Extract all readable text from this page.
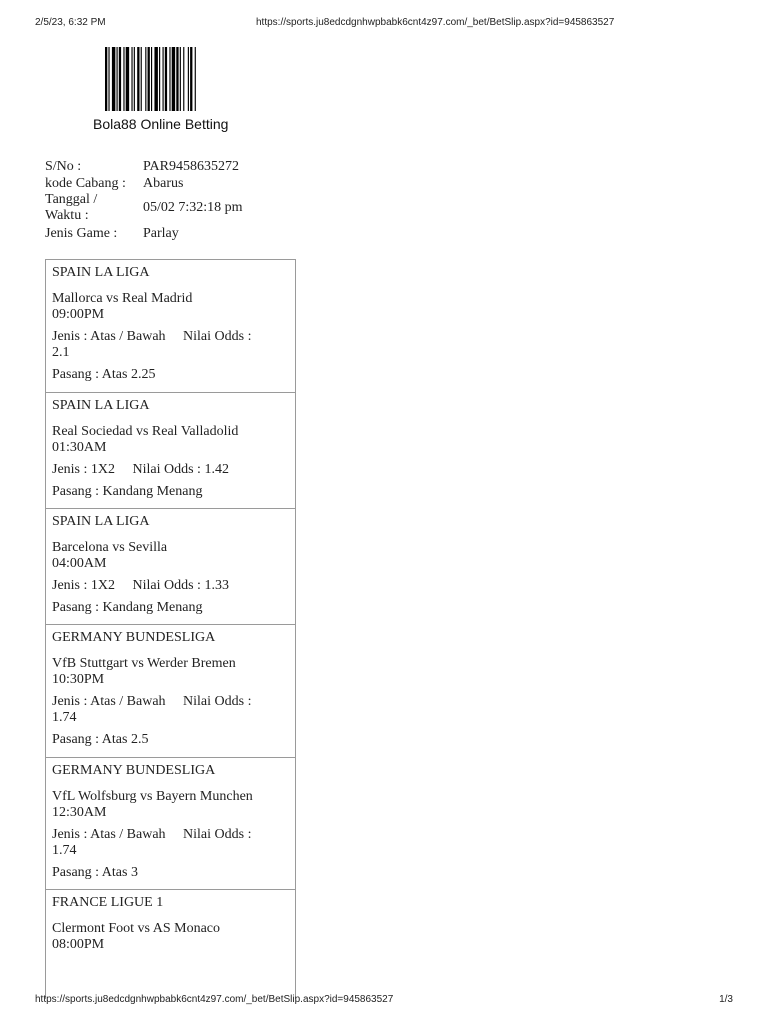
2/5/23, 6:32 PM	https://sports.ju8edcdgnhwpbabk6cnt4z97.com/_bet/BetSlip.aspx?id=945863527
Bola88 Online Betting
S/No :	PAR9458635272
kode Cabang :	Abarus
Tanggal /
Waktu :
05/02 7:32:18 pm
Jenis Game :	Parlay
SPAIN LA LIGA
Mallorca vs Real Madrid
09:00PM
Jenis : Atas / Bawah Nilai Odds :
2.1
Pasang : Atas 2.25
SPAIN LA LIGA
Real Sociedad vs Real Valladolid
01:30AM
Jenis : 1X2 Nilai Odds : 1.42
Pasang : Kandang Menang
SPAIN LA LIGA
Barcelona vs Sevilla
04:00AM
Jenis : 1X2 Nilai Odds : 1.33
Pasang : Kandang Menang
GERMANY BUNDESLIGA
VfB Stuttgart vs Werder Bremen
10:30PM
Jenis : Atas / Bawah Nilai Odds :
1.74
Pasang : Atas 2.5
GERMANY BUNDESLIGA
VfL Wolfsburg vs Bayern Munchen
12:30AM
Jenis : Atas / Bawah Nilai Odds :
1.74
Pasang : Atas 3
FRANCE LIGUE 1
Clermont Foot vs AS Monaco
08:00PM
https://sports.ju8edcdgnhwpbabk6cnt4z97.com/_bet/BetSlip.aspx?id=945863527	1/3
